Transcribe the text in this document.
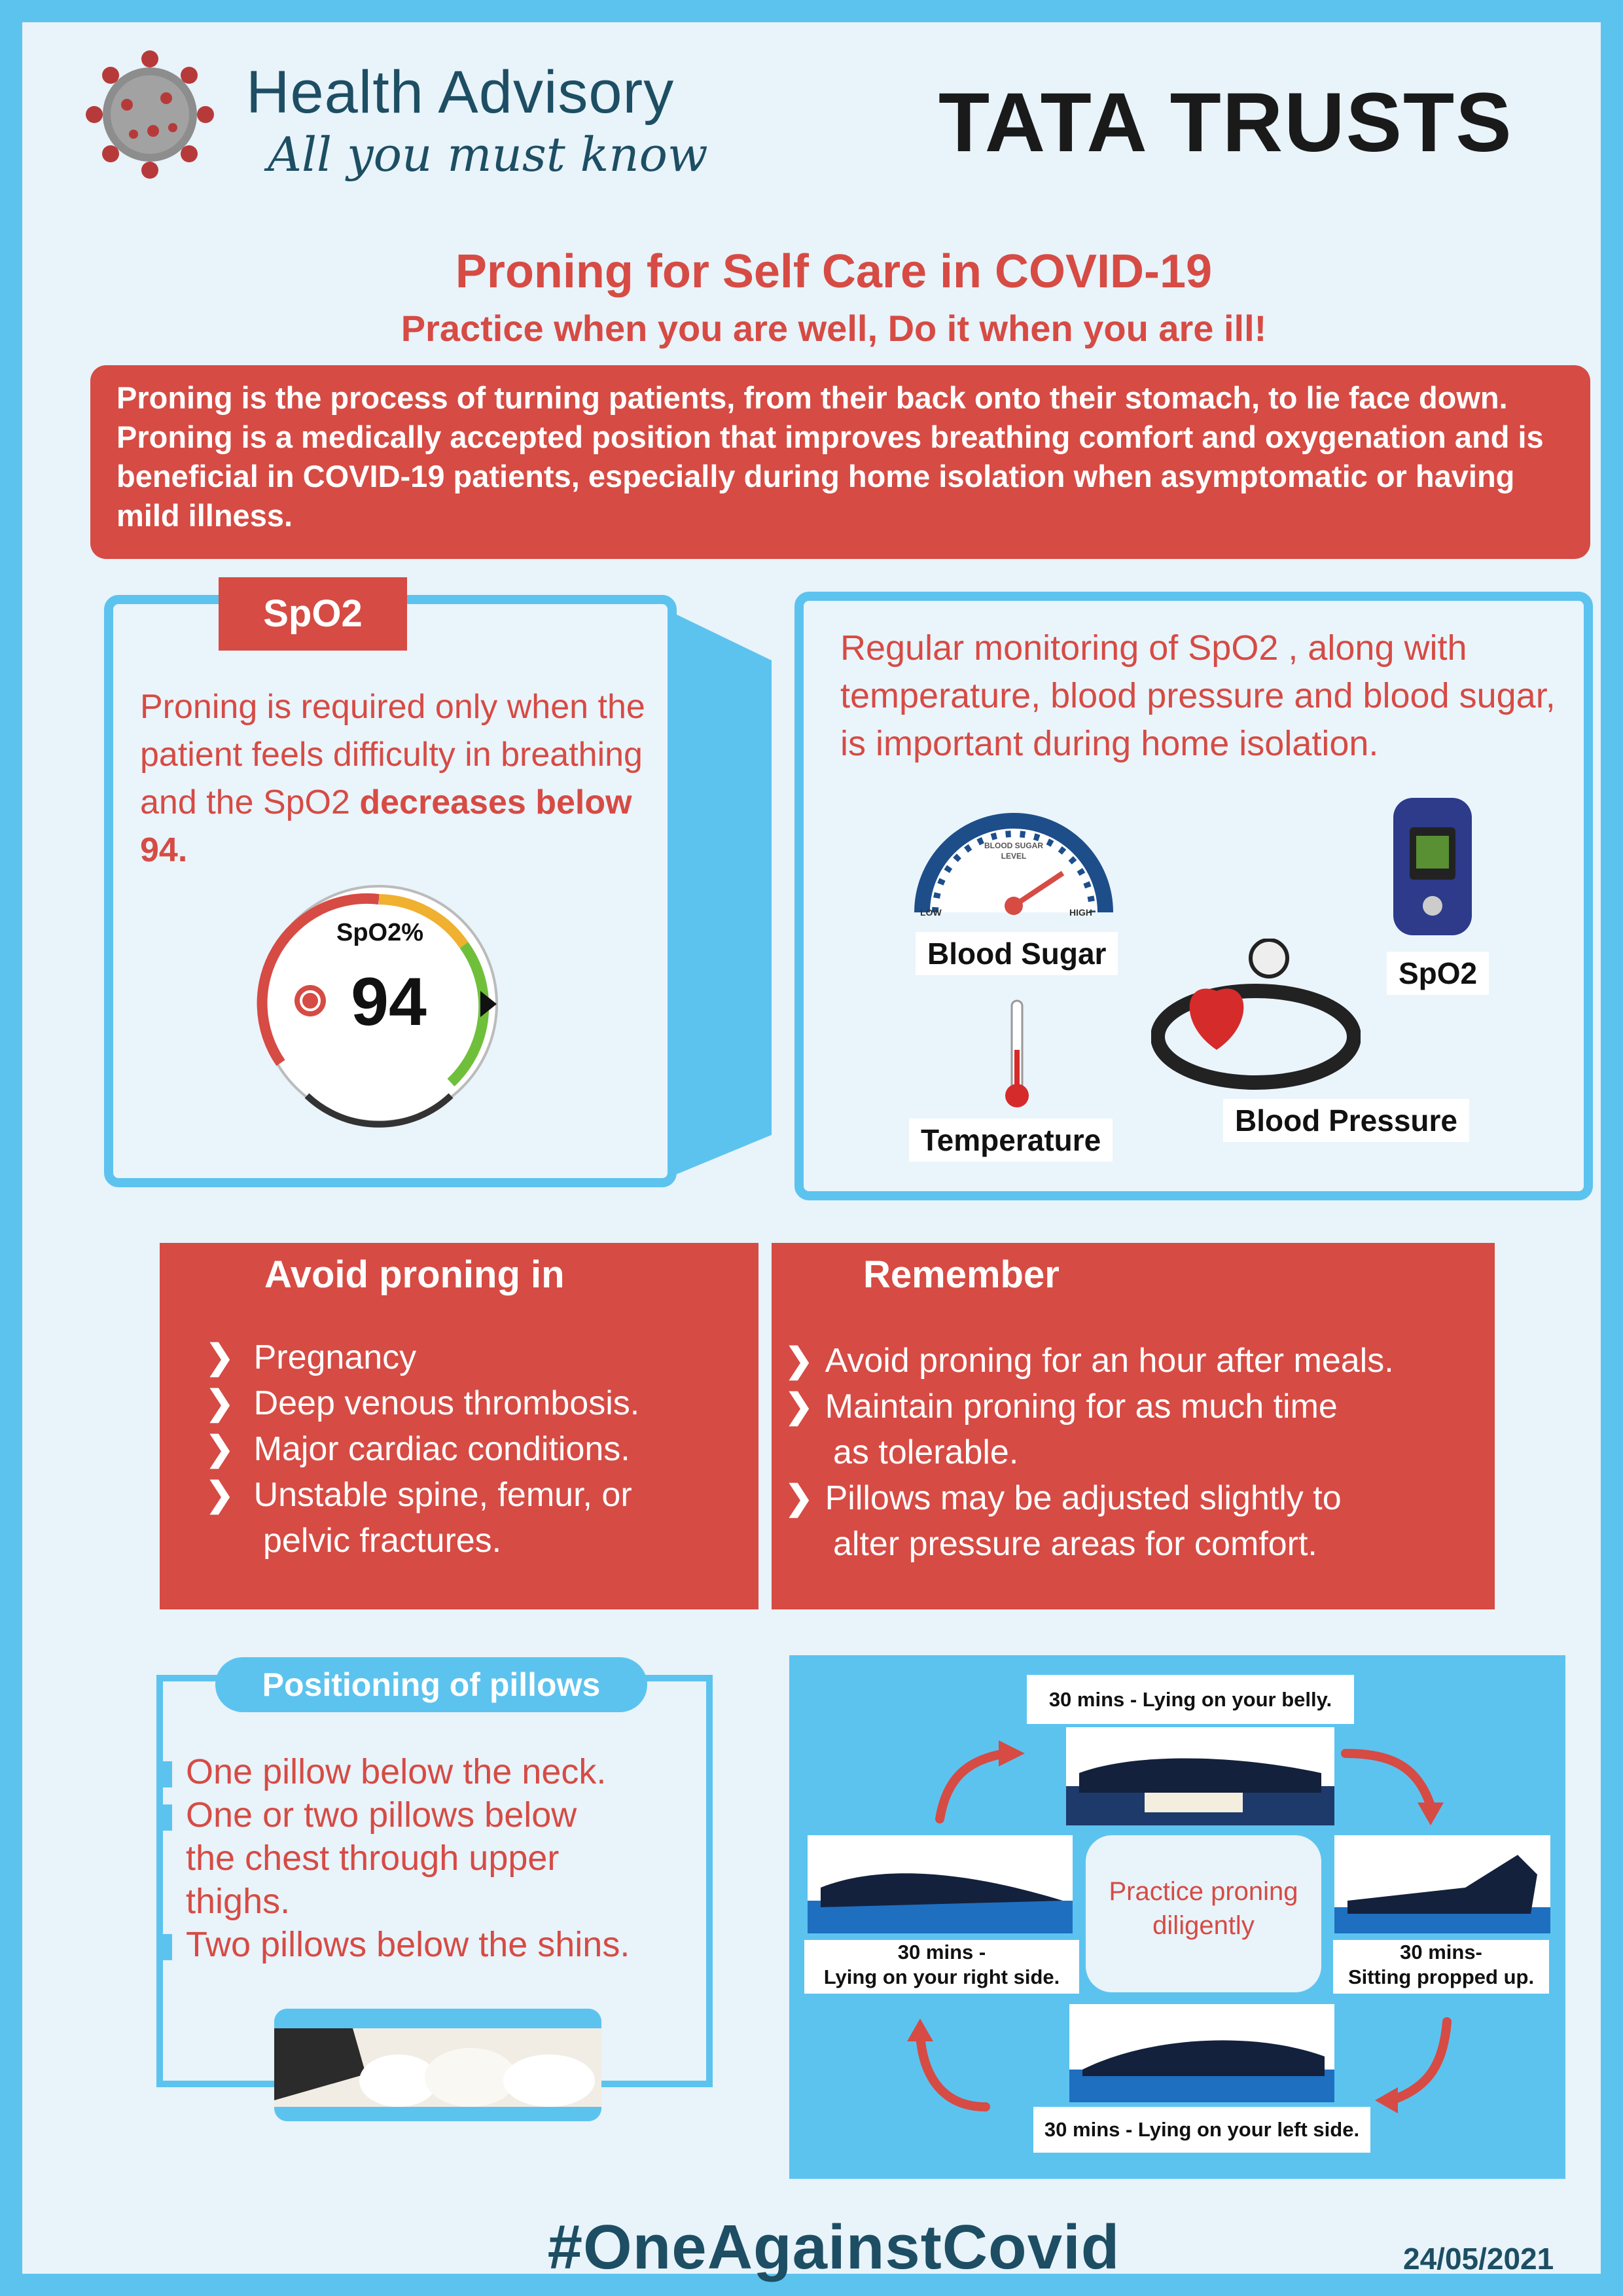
Health Advisory
All you must know	TATA TRUSTS
Proning for Self Care in COVID-19
Practice when you are well, Do it when you are ill!
Proning is the process of turning patients, from their back onto their stomach, to lie face down. Proning is a medically accepted position that improves breathing comfort and oxygenation and is beneficial in COVID-19 patients, especially during home isolation when asymptomatic or having mild illness.
SpO2
Proning is required only when the patient feels difficulty in breathing and the SpO2 decreases below 94.
SpO2%
94
Regular monitoring of SpO2 , along with temperature, blood pressure and blood sugar, is important during home isolation.
BLOOD SUGAR LEVEL
LOW	HIGH
Blood Sugar
SpO2
Blood Pressure
Temperature
Avoid proning in
❯ Pregnancy
❯ Deep venous thrombosis.
❯ Major cardiac conditions.
❯ Unstable spine, femur, or
pelvic fractures.
Remember
❯ Avoid proning for an hour after meals.
❯ Maintain proning for as much time
as tolerable.
❯ Pillows may be adjusted slightly to
alter pressure areas for comfort.
Positioning of pillows
One pillow below the neck.
One or two pillows below
the chest through upper
thighs.
Two pillows below the shins.
30 mins - Lying on your belly.
Practice proning diligently
30 mins -
Lying on your right side.
30 mins-
Sitting propped up.
30 mins - Lying on your left side.
#OneAgainstCovid	24/05/2021
